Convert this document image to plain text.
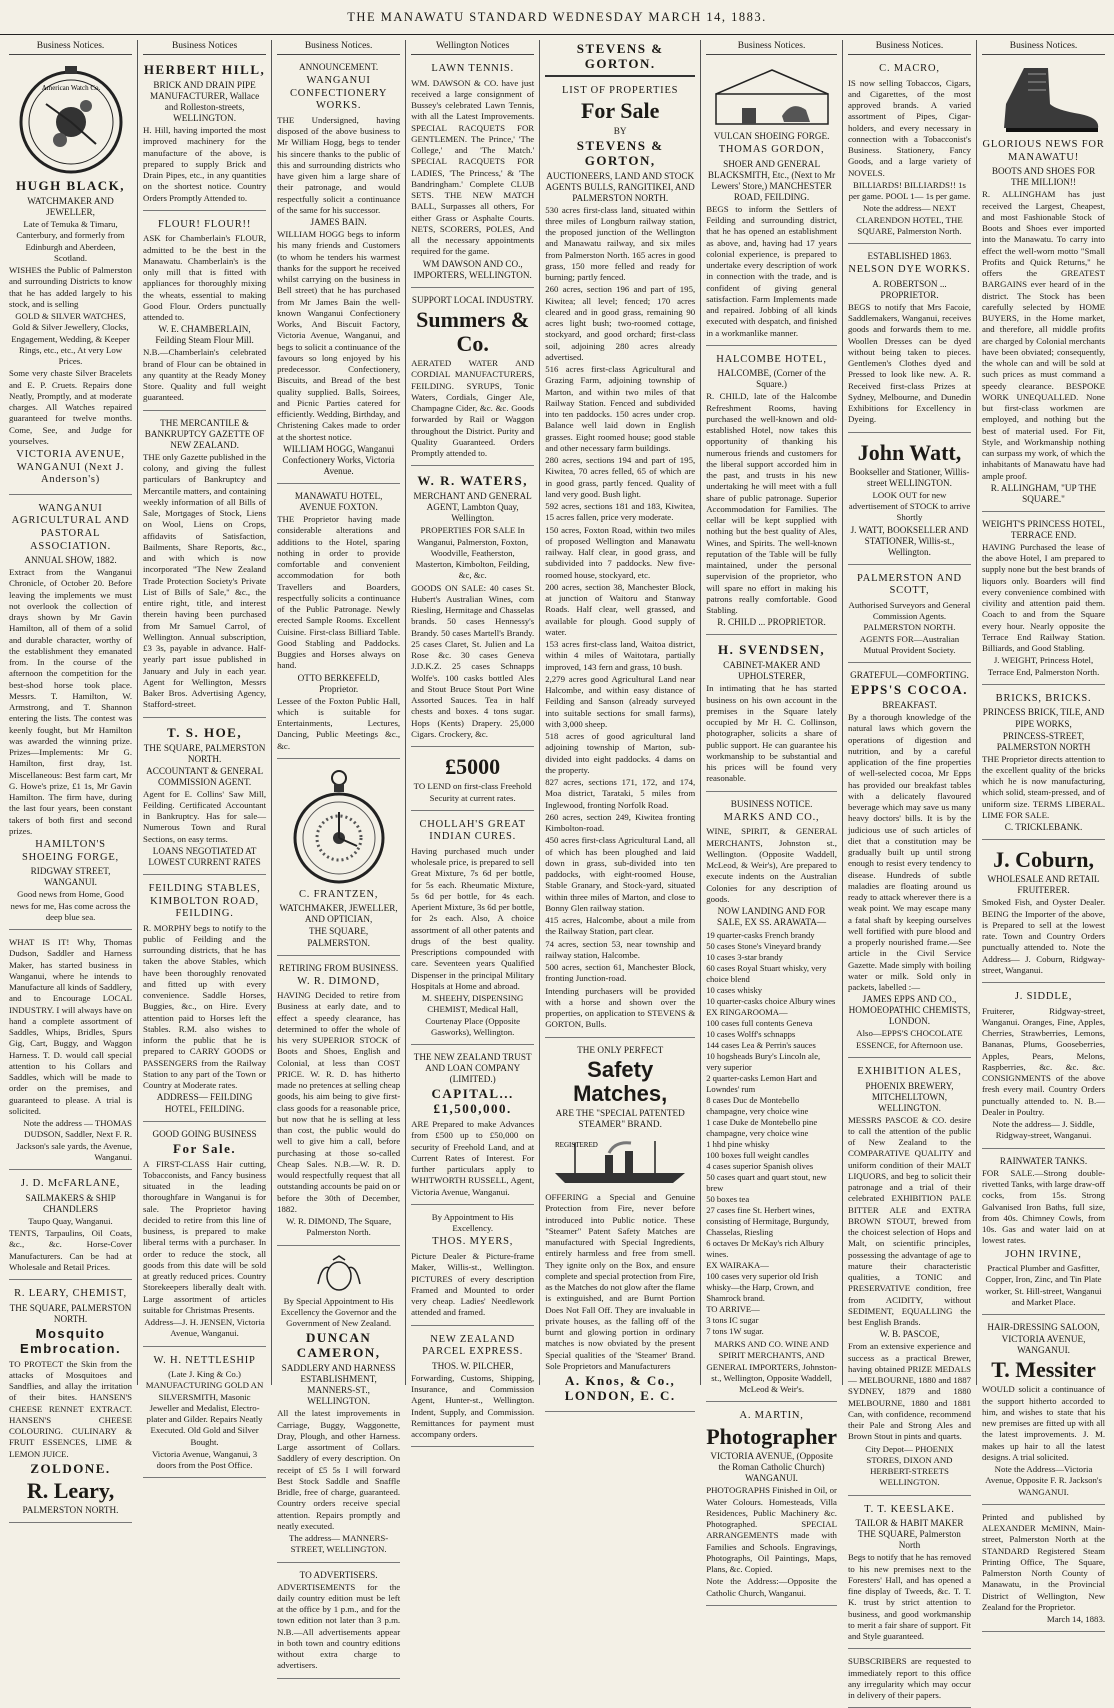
THE MANAWATU STANDARD WEDNESDAY MARCH 14, 1883.
Business Notices.
American Watch Co.
HUGH BLACK,
WATCHMAKER AND JEWELLER,

Late of Temuka & Timaru, Canterbury, and formerly from Edinburgh and Aberdeen, Scotland.

WISHES the Public of Palmerston and surrounding Districts to know that he has added largely to his stock, and is selling

GOLD & SILVER WATCHES, Gold & Silver Jewellery, Clocks, Engagement, Wedding, & Keeper Rings, etc., etc., At very Low Prices.

Some very chaste Silver Bracelets and E. P. Cruets. Repairs done Neatly, Promptly, and at moderate charges. All Watches repaired guaranteed for twelve months. Come, See, and Judge for yourselves.

VICTORIA AVENUE, WANGANUI (Next J. Anderson's)
WANGANUI AGRICULTURAL AND PASTORAL ASSOCIATION.
ANNUAL SHOW, 1882.

Extract from the Wanganui Chronicle, of October 20. Before leaving the implements we must not overlook the collection of drays shown by Mr Gavin Hamilton, all of them of a solid and durable character, worthy of the establishment they emanated from. In the course of the afternoon the competition for the best-shod horse took place. Messrs. T. Hamilton, W. Armstrong, and T. Shannon entering the lists. The contest was keenly fought, but Mr Hamilton was awarded the winning prize. Prizes—Implements: Mr G. Hamilton, first dray, 1st. Miscellaneous: Best farm cart, Mr G. Howe's prize, £1 1s, Mr Gavin Hamilton. The firm have, during the last four years, been constant takers of both first and second prizes.

HAMILTON'S SHOEING FORGE,
RIDGWAY STREET, WANGANUI.

Good news from Home, Good news for me, Has come across the deep blue sea.

WHAT IS IT! Why, Thomas Dudson, Saddler and Harness Maker, has started business in Wanganui, where he intends to Manufacture all kinds of Saddlery, and to Encourage LOCAL INDUSTRY. I will always have on hand a complete assortment of Saddles, Whips, Bridles, Spurs Gig, Cart, Buggy, and Waggon Harness. T. D. would call special attention to his Collars and Saddles, which will be made to order on the premises, and guaranteed to please. A trial is solicited.

Note the address — THOMAS DUDSON, Saddler, Next F. R. Jackson's sale yards, the Avenue, Wanganui.

J. D. McFARLANE,
SAILMAKERS & SHIP CHANDLERS

Taupo Quay, Wanganui.

TENTS, Tarpaulins, Oil Coats, &c., &c. Horse-Cover Manufacturers. Can be had at Wholesale and Retail Prices.

R. LEARY, CHEMIST,
THE SQUARE, PALMERSTON NORTH.
Mosquito Embrocation.

TO PROTECT the Skin from the attacks of Mosquitoes and Sandflies, and allay the irritation of their bites. HANSEN'S CHEESE RENNET EXTRACT. HANSEN'S CHEESE COLOURING. CULINARY & FRUIT ESSENCES, LIME & LEMON JUICE.

ZOLDONE.
R. Leary,
PALMERSTON NORTH.
Business Notices
HERBERT HILL,
BRICK AND DRAIN PIPE MANUFACTURER, Wallace and Rolleston-streets, WELLINGTON.

H. Hill, having imported the most improved machinery for the manufacture of the above, is prepared to supply Brick and Drain Pipes, etc., in any quantities on the shortest notice. Country Orders Promptly Attended to.

FLOUR! FLOUR!!

ASK for Chamberlain's FLOUR, admitted to be the best in the Manawatu. Chamberlain's is the only mill that is fitted with appliances for thoroughly mixing the wheats, essential to making Good Flour. Orders punctually attended to.

W. E. CHAMBERLAIN, Feilding Steam Flour Mill.

N.B.—Chamberlain's celebrated brand of Flour can be obtained in any quantity at the Ready Money Store. Quality and full weight guaranteed.

THE MERCANTILE & BANKRUPTCY GAZETTE OF NEW ZEALAND.

THE only Gazette published in the colony, and giving the fullest particulars of Bankruptcy and Mercantile matters, and containing weekly information of all Bills of Sale, Mortgages of Stock, Liens on Wool, Liens on Crops, affidavits of Satisfaction, Bailments, Share Reports, &c., and with which is now incorporated "The New Zealand Trade Protection Society's Private List of Bills of Sale," &c., the entire right, title, and interest therein having been purchased from Mr Samuel Carrol, of Wellington. Annual subscription, £3 3s, payable in advance. Half-yearly part issue published in January and July in each year. Agent for Wellington, Messrs Baker Bros. Advertising Agency, Stafford-street.

T. S. HOE,
THE SQUARE, PALMERSTON NORTH.
ACCOUNTANT & GENERAL COMMISSION AGENT.

Agent for E. Collins' Saw Mill, Feilding. Certificated Accountant in Bankruptcy. Has for sale—Numerous Town and Rural Sections, on easy terms.

LOANS NEGOTIATED AT LOWEST CURRENT RATES
FEILDING STABLES, KIMBOLTON ROAD, FEILDING.

R. MORPHY begs to notify to the public of Feilding and the surrounding districts, that he has taken the above Stables, which have been thoroughly renovated and fitted up with every convenience. Saddle Horses, Buggies, &c., on Hire. Every attention paid to Horses left the Stables. R.M. also wishes to inform the public that he is prepared to CARRY GOODS or PASSENGERS from the Railway Station to any part of the Town or Country at Moderate rates.

ADDRESS— FEILDING HOTEL, FEILDING.
GOOD GOING BUSINESS
For Sale.

A FIRST-CLASS Hair cutting, Tobacconists, and Fancy business situated in the leading thoroughfare in Wanganui is for sale. The Proprietor having decided to retire from this line of business, is prepared to make liberal terms with a purchaser. In order to reduce the stock, all goods from this date will be sold at greatly reduced prices. Country Storekeepers liberally dealt with. Large assortment of articles suitable for Christmas Presents.

Address—J. H. JENSEN, Victoria Avenue, Wanganui.

W. H. NETTLESHIP

(Late J. King & Co.) MANUFACTURING GOLD AN SILVERSMITH, Masonic Jeweller and Medalist, Electro-plater and Gilder. Repairs Neatly Executed. Old Gold and Silver Bought.

Victoria Avenue, Wanganui, 3 doors from the Post Office.

Business Notices.
ANNOUNCEMENT.
WANGANUI CONFECTIONERY WORKS.

THE Undersigned, having disposed of the above business to Mr William Hogg, begs to tender his sincere thanks to the public of this and surrounding districts who have given him a large share of their patronage, and would respectfully solicit a continuance of the same for his successor.

JAMES BAIN.

WILLIAM HOGG begs to inform his many friends and Customers (to whom he tenders his warmest thanks for the support he received whilst carrying on the business in Bell street) that he has purchased from Mr James Bain the well-known Wanganui Confectionery Works, And Biscuit Factory, Victoria Avenue, Wanganui, and begs to solicit a continuance of the favours so long enjoyed by his predecessor. Confectionery, Biscuits, and Bread of the best quality supplied. Balls, Soirees, and Picnic Parties catered for efficiently. Wedding, Birthday, and Christening Cakes made to order at the shortest notice.

WILLIAM HOGG, Wanganui Confectionery Works, Victoria Avenue.
MANAWATU HOTEL, AVENUE FOXTON.

THE Proprietor having made considerable alterations and additions to the Hotel, sparing nothing in order to provide comfortable and convenient accommodation for both Travellers and Boarders, respectfully solicits a continuance of the Public Patronage. Newly erected Sample Rooms. Excellent Cuisine. First-class Billiard Table. Good Stabling and Paddocks. Buggies and Horses always on hand.

OTTO BERKEFELD, Proprietor.

Lessee of the Foxton Public Hall, which is suitable for Entertainments, Lectures, Dancing, Public Meetings &c., &c.

C. FRANTZEN,
WATCHMAKER, JEWELLER, AND OPTICIAN,
THE SQUARE, PALMERSTON.
RETIRING FROM BUSINESS.
W. R. DIMOND,

HAVING Decided to retire from Business at early date, and to effect a speedy clearance, has determined to offer the whole of his very SUPERIOR STOCK of Boots and Shoes, English and Colonial, at less than COST PRICE. W. R. D. has hitherto made no pretences at selling cheap goods, his aim being to give first-class goods for a reasonable price, but now that he is selling at less than cost, the public would do well to give him a call, before purchasing at those so-called Cheap Sales. N.B.—W. R. D. would respectfully request that all outstanding accounts be paid on or before the 30th of December, 1882.

W. R. DIMOND, The Square, Palmerston North.

By Special Appointment to His Excellency the Governor and the Government of New Zealand.

DUNCAN CAMERON,
SADDLERY AND HARNESS ESTABLISHMENT, MANNERS-ST., WELLINGTON.

All the latest improvements in Carriage, Buggy, Waggonette, Dray, Plough, and other Harness. Large assortment of Collars. Saddlery of every description. On receipt of £5 5s I will forward Best Stock Saddle and Snaffle Bridle, free of charge, guaranteed. Country orders receive special attention. Repairs promptly and neatly executed.

The address— MANNERS-STREET, WELLINGTON.

TO ADVERTISERS.

ADVERTISEMENTS for the daily country edition must be left at the office by 1 p.m., and for the town edition not later than 3 p.m. N.B.—All advertisements appear in both town and country editions without extra charge to advertisers.

Wellington Notices
LAWN TENNIS.

WM. DAWSON & CO. have just received a large consignment of Bussey's celebrated Lawn Tennis, with all the Latest Improvements. SPECIAL RACQUETS FOR GENTLEMEN. The Prince,' 'The College,' and 'The Match.' SPECIAL RACQUETS FOR LADIES, 'The Princess,' & 'The Bandringham.' Complete CLUB SETS. THE NEW MATCH BALL, Surpasses all others, For either Grass or Asphalte Courts. NETS, SCORERS, POLES, And all the necessary appointments required for the game.

WM DAWSON AND CO., IMPORTERS, WELLINGTON.
SUPPORT LOCAL INDUSTRY.
Summers & Co.

AERATED WATER AND CORDIAL MANUFACTURERS, FEILDING. SYRUPS, Tonic Waters, Cordials, Ginger Ale, Champagne Cider, &c. &c. Goods forwarded by Rail or Waggon throughout the District. Purity and Quality Guaranteed. Orders Promptly attended to.

W. R. WATERS,
MERCHANT AND GENERAL AGENT, Lambton Quay, Wellington.

PROPERTIES FOR SALE In Wanganui, Palmerston, Foxton, Woodville, Featherston, Masterton, Kimbolton, Feilding, &c, &c.

GOODS ON SALE: 40 cases St. Hubert's Australian Wines, com Riesling, Hermitage and Chasselas brands. 50 cases Hennessy's Brandy. 50 cases Martell's Brandy. 25 cases Claret, St. Julien and La Rose &c. 30 cases Geneva J.D.K.Z. 25 cases Schnapps Wolfe's. 100 casks bottled Ales and Stout Bruce Stout Port Wine Assorted Sauces. Tea in half chests and boxes. 4 tons sugar. Hops (Kents) Drapery. 25,000 Cigars. Crockery, &c.

£5000

TO LEND on first-class Freehold Security at current rates.

CHOLLAH'S GREAT INDIAN CURES.

Having purchased much under wholesale price, is prepared to sell Great Mixture, 7s 6d per bottle, for 5s each. Rheumatic Mixture, 5s 6d per bottle, for 4s each. Aperient Mixture, 3s 6d per bottle, for 2s each. Also, A choice assortment of all other patents and drugs of the best quality. Prescriptions compounded with care. Seventeen years Qualified Dispenser in the principal Military Hospitals at Home and abroad.

M. SHEEHY, DISPENSING CHEMIST, Medical Hall, Courtenay Place (Opposite Gasworks), Wellington.

THE NEW ZEALAND TRUST AND LOAN COMPANY (LIMITED.)
CAPITAL...£1,500,000.

ARE Prepared to make Advances from £500 up to £50,000 on security of Freehold Land, and at Current Rates of Interest. For further particulars apply to WHITWORTH RUSSELL, Agent, Victoria Avenue, Wanganui.

By Appointment to His Excellency.

THOS. MYERS,

Picture Dealer & Picture-frame Maker, Willis-st., Wellington. PICTURES of every description Framed and Mounted to order very cheap. Ladies' Needlework attended and framed.

NEW ZEALAND PARCEL EXPRESS.
THOS. W. PILCHER,

Forwarding, Customs, Shipping, Insurance, and Commission Agent, Hunter-st., Wellington. Indent, Supply, and Commission. Remittances for payment must accompany orders.

STEVENS & GORTON.
LIST OF PROPERTIES
For Sale
BY
STEVENS & GORTON,
AUCTIONEERS, LAND AND STOCK AGENTS BULLS, RANGITIKEI, AND PALMERSTON NORTH.

530 acres first-class land, situated within three miles of Longburn railway station, the proposed junction of the Wellington and Manawatu railway, and six miles from Palmerston North. 165 acres in good grass, 150 more felled and ready for burning; partly fenced.

260 acres, section 196 and part of 195, Kiwitea; all level; fenced; 170 acres cleared and in good grass, remaining 90 acres light bush; two-roomed cottage, stockyard, and good orchard; first-class soil, adjoining 280 acres already advertised.

516 acres first-class Agricultural and Grazing Farm, adjoining township of Marton, and within two miles of that Railway Station. Fenced and subdivided into ten paddocks. 150 acres under crop. Balance well laid down in English grasses. Eight roomed house; good stable and other necessary farm buildings.

280 acres, sections 194 and part of 195, Kiwitea, 70 acres felled, 65 of which are in good grass, partly fenced. Quality of land very good. Bush light.

592 acres, sections 181 and 183, Kiwitea, 15 acres fallen, price very moderate.

150 acres, Foxton Road, within two miles of proposed Wellington and Manawatu railway. Half clear, in good grass, and subdivided into 7 paddocks. New five-roomed house, stockyard, etc.

200 acres, section 38, Manchester Block, at junction of Waitoru and Stanway Roads. Half clear, well grassed, and available for plough. Good supply of water.

153 acres first-class land, Waitoa district, within 4 miles of Waitotara, partially improved, 143 fern and grass, 10 bush.

2,279 acres good Agricultural Land near Halcombe, and within easy distance of Feilding and Sanson (already surveyed into suitable sections for small farms), with 3,000 sheep.

518 acres of good agricultural land adjoining township of Marton, sub-divided into eight paddocks. 4 dams on the property.

827 acres, sections 171, 172, and 174, Moa district, Tarataki, 5 miles from Inglewood, fronting Norfolk Road.

260 acres, section 249, Kiwitea fronting Kimbolton-road.

450 acres first-class Agricultural Land, all of which has been ploughed and laid down in grass, sub-divided into ten paddocks, with eight-roomed House, Stable Granary, and Stock-yard, situated within three miles of Marton, and close to Bonny Glen railway station.

415 acres, Halcombe, about a mile from the Railway Station, part clear.

74 acres, section 53, near township and railway station, Halcombe.

500 acres, section 61, Manchester Block, fronting Junction-road.

Intending purchasers will be provided with a horse and shown over the properties, on application to STEVENS & GORTON, Bulls.

THE ONLY PERFECT
Safety Matches,
ARE THE "SPECIAL PATENTED STEAMER" BRAND.
REGISTERED

OFFERING a Special and Genuine Protection from Fire, never before introduced into Public notice. These "Steamer" Patent Safety Matches are manufactured with Special Ingredients, entirely harmless and free from smell. They ignite only on the Box, and ensure complete and special protection from Fire, as the Matches do not glow after the flame is extinguished, and are Burnt Portion Does Not Fall Off. They are invaluable in private houses, as the falling off of the burnt and glowing portion in ordinary matches is now obviated by the present Special qualities of the 'Steamer' Brand. Sole Proprietors and Manufacturers

A. Knos, & Co., LONDON, E. C.
Business Notices.
VULCAN SHOEING FORGE.
THOMAS GORDON,
SHOER AND GENERAL BLACKSMITH, Etc., (Next to Mr Lewers' Store,) MANCHESTER ROAD, FEILDING.

BEGS to inform the Settlers of Feilding and surrounding district, that he has opened an establishment as above, and, having had 17 years colonial experience, is prepared to undertake every description of work in connection with the trade, and is confident of giving general satisfaction. Farm Implements made and repaired. Jobbing of all kinds executed with despatch, and finished in a workmanlike manner.

HALCOMBE HOTEL,
HALCOMBE, (Corner of the Square.)

R. CHILD, late of the Halcombe Refreshment Rooms, having purchased the well-known and old-established Hotel, now takes this opportunity of thanking his numerous friends and customers for the liberal support accorded him in the past, and trusts in his new undertaking he will meet with a full share of public patronage. Superior Accommodation for Families. The cellar will be kept supplied with nothing but the best quality of Ales, Wines, and Spirits. The well-known reputation of the Table will be fully maintained, under the personal supervision of the proprietor, who will spare no effort in making his patrons really comfortable. Good Stabling.

R. CHILD ... PROPRIETOR.
H. SVENDSEN,
CABINET-MAKER AND UPHOLSTERER,

In intimating that he has started business on his own account in the premises in the Square lately occupied by Mr H. C. Collinson, photographer, solicits a share of public support. He can guarantee his workmanship to be substantial and his prices will be found very reasonable.

BUSINESS NOTICE.
MARKS AND CO.,

WINE, SPIRIT, & GENERAL MERCHANTS, Johnston st., Wellington. (Opposite Waddell, McLeod, & Weir's), Are prepared to execute indents on the Australian Colonies for any description of goods.

NOW LANDING AND FOR SALE, EX SS. ARAWATA—
19 quarter-casks French brandy
50 cases Stone's Vineyard brandy
10 cases 3-star brandy
60 cases Royal Stuart whisky, very choice blend
10 cases whisky
10 quarter-casks choice Albury wines
EX RINGAROOMA—
100 cases full contents Geneva
10 cases Wolff's schnapps
144 cases Lea & Perrin's sauces
10 hogsheads Bury's Lincoln ale, very superior
2 quarter-casks Lemon Hart and Lowndes' rum
8 cases Duc de Montebello champagne, very choice wine
1 case Duke de Montebello pine champagne, very choice wine
1 hhd pine whisky
100 boxes full weight candles
4 cases superior Spanish olives
50 cases quart and quart stout, new brew
50 boxes tea
27 cases fine St. Herbert wines, consisting of Hermitage, Burgundy, Chasselas, Riesling
6 octaves Dr McKay's rich Albury wines.
EX WAIRAKA—
100 cases very superior old Irish whisky—the Harp, Crown, and Shamrock brand.
TO ARRIVE—
3 tons IC sugar
7 tons 1W sugar.

MARKS AND CO. WINE AND SPIRIT MERCHANTS, AND GENERAL IMPORTERS, Johnston-st., Wellington, Opposite Waddell, McLeod & Weir's.

A. MARTIN,
Photographer
VICTORIA AVENUE, (Opposite the Roman Catholic Church) WANGANUI.

PHOTOGRAPHS Finished in Oil, or Water Colours. Homesteads, Villa Residences, Public Machinery &c. Photographed. SPECIAL ARRANGEMENTS made with Families and Schools. Engravings, Photographs, Oil Paintings, Maps, Plans, &c. Copied.

Note the Address:—Opposite the Catholic Church, Wanganui.

Business Notices.
C. MACRO,

IS now selling Tobaccos, Cigars, and Cigarettes, of the most approved brands. A varied assortment of Pipes, Cigar-holders, and every necessary in connection with a Tobacconist's Business. Stationery, Fancy Goods, and a large variety of NOVELS.

BILLIARDS! BILLIARDS!! 1s per game. POOL 1— 1s per game.

Note the address— NEXT CLARENDON HOTEL, THE SQUARE, Palmerston North.

ESTABLISHED 1863.
NELSON DYE WORKS.
A. ROBERTSON ... PROPRIETOR.

BEGS to notify that Mrs Facoie, Saddlemakers, Wanganui, receives goods and forwards them to me. Woollen Dresses can be dyed without being taken to pieces. Gentlemen's Clothes dyed and Pressed to look like new. A. R. Received first-class Prizes at Sydney, Melbourne, and Dunedin Exhibitions for Excellency in Dyeing.

John Watt,
Bookseller and Stationer, Willis-street WELLINGTON.

LOOK OUT for new advertisement of STOCK to arrive Shortly

J. WATT, BOOKSELLER AND STATIONER, Willis-st., Wellington.
PALMERSTON AND SCOTT,

Authorised Surveyors and General Commission Agents. PALMERSTON NORTH. AGENTS FOR—Australian Mutual Provident Society.

GRATEFUL—COMFORTING.
EPPS'S COCOA.
BREAKFAST.

By a thorough knowledge of the natural laws which govern the operations of digestion and nutrition, and by a careful application of the fine properties of well-selected cocoa, Mr Epps has provided our breakfast tables with a delicately flavoured beverage which may save us many heavy doctors' bills. It is by the judicious use of such articles of diet that a constitution may be gradually built up until strong enough to resist every tendency to disease. Hundreds of subtle maladies are floating around us ready to attack wherever there is a weak point. We may escape many a fatal shaft by keeping ourselves well fortified with pure blood and a properly nourished frame.—See article in the Civil Service Gazette. Made simply with boiling water or milk. Sold only in packets, labelled :—

JAMES EPPS AND CO., HOMOEOPATHIC CHEMISTS, LONDON.

Also—EPPS'S CHOCOLATE ESSENCE, for Afternoon use.

EXHIBITION ALES,
PHOENIX BREWERY, MITCHELLTOWN, WELLINGTON.

MESSRS PASCOE & CO. desire to call the attention of the public of New Zealand to the COMPARATIVE QUALITY and uniform condition of their MALT LIQUORS, and beg to solicit their patronage and a trial of their celebrated EXHIBITION PALE BITTER ALE and EXTRA BROWN STOUT, brewed from the choicest selection of Hops and Malt, on scientific principles, possessing the advantage of age to mature their characteristic qualities, a TONIC and PRESERVATIVE condition, free from ACIDITY, without SEDIMENT, EQUALLING the best English Brands.

W. B. PASCOE,

From an extensive experience and success as a practical Brewer, having obtained PRIZE MEDALS— MELBOURNE, 1880 and 1887 SYDNEY, 1879 and 1880 MELBOURNE, 1880 and 1881 Can, with confidence, recommend their Pale and Strong Ales and Brown Stout in pints and quarts.

City Depot— PHOENIX STORES, DIXON AND HERBERT-STREETS WELLINGTON.

T. T. KEESLAKE.
TAILOR & HABIT MAKER THE SQUARE, Palmerston North

Begs to notify that he has removed to his new premises next to the Foresters' Hall, and has opened a fine display of Tweeds, &c. T. T. K. trust by strict attention to business, and good workmanship to merit a fair share of support. Fit and Style guaranteed.

SUBSCRIBERS are requested to immediately report to this office any irregularity which may occur in delivery of their papers.

Business Notices.
GLORIOUS NEWS FOR MANAWATU!
BOOTS AND SHOES FOR THE MILLION!!

R. ALLINGHAM has just received the Largest, Cheapest, and most Fashionable Stock of Boots and Shoes ever imported into the Manawatu. To carry into effect the well-worn motto "Small Profits and Quick Returns," he offers the GREATEST BARGAINS ever heard of in the district. The Stock has been carefully selected by HOME BUYERS, in the Home market, and therefore, all middle profits are charged by Colonial merchants have been obviated; consequently, the whole can and will be sold at such prices as must command a speedy clearance. BESPOKE WORK UNEQUALLED. None but first-class workmen are employed, and nothing but the best of material used. For Fit, Style, and Workmanship nothing can surpass my work, of which the inhabitants of Manawatu have had ample proof.

R. ALLINGHAM, "UP THE SQUARE."
WEIGHT'S PRINCESS HOTEL, TERRACE END.

HAVING Purchased the lease of the above Hotel, I am prepared to supply none but the best brands of liquors only. Boarders will find every convenience combined with civility and attention paid them. Coach to and from the Square every hour. Nearly opposite the Terrace End Railway Station. Billiards, and Good Stabling.

J. WEIGHT, Princess Hotel, Terrace End, Palmerston North.

BRICKS, BRICKS.
PRINCESS BRICK, TILE, AND PIPE WORKS,
PRINCESS-STREET, PALMERSTON NORTH

THE Proprietor directs attention to the excellent quality of the bricks which he is now manufacturing, which solid, steam-pressed, and of uniform size. TERMS LIBERAL. LIME FOR SALE.

C. TRICKLEBANK.
J. Coburn,
WHOLESALE AND RETAIL FRUITERER.

Smoked Fish, and Oyster Dealer. BEING the Importer of the above, is Prepared to sell at the lowest rate. Town and Country Orders punctually attended to. Note the Address— J. Coburn, Ridgway-street, Wanganui.

J. SIDDLE,

Fruiterer, Ridgway-street, Wanganui. Oranges, Fine, Apples, Cherries, Strawberries, Lemons, Bananas, Plums, Gooseberries, Apples, Pears, Melons, Raspberries, &c. &c. &c. CONSIGNMENTS of the above fresh every mail. Country Orders punctually attended to. N. B.—Dealer in Poultry.

Note the address— J. Siddle, Ridgway-street, Wanganui.

RAINWATER TANKS.

FOR SALE.—Strong double-rivetted Tanks, with large draw-off cocks, from 15s. Strong Galvanised Iron Baths, full size, from 40s. Chimney Cowls, from 10s. Gas and water laid on at lowest rates.

JOHN IRVINE,

Practical Plumber and Gasfitter, Copper, Iron, Zinc, and Tin Plate worker, St. Hill-street, Wanganui and Market Place.

HAIR-DRESSING SALOON,
VICTORIA AVENUE, WANGANUI.
T. Messiter

WOULD solicit a continuance of the support hitherto accorded to him, and wishes to state that his new premises are fitted up with all the latest improvements. J. M. makes up hair to all the latest designs. A trial solicited.

Note the Address—Victoria Avenue, Opposite F. R. Jackson's WANGANUI.

Printed and published by ALEXANDER McMINN, Main-street, Palmerston North at the STANDARD Registered Steam Printing Office, The Square, Palmerston North County of Manawatu, in the Provincial District of Wellington, New Zealand for the Proprietor.

March 14, 1883.
